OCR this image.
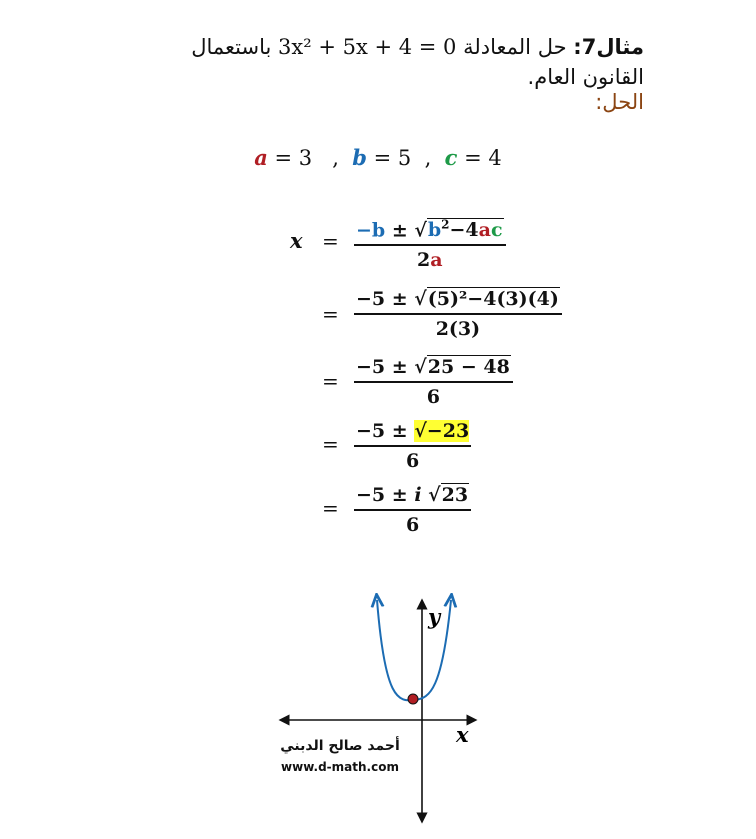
مثال7: حل المعادلة 3x² + 5x + 4 = 0 باستعمال القانون العام.
الحل:
a = 3   ,  b = 5  ,  c = 4
$x = \frac{-b \pm √b^2-4ac}{2a}$
= $\frac{\text{−5 ± √(5)²−4(3)(4)}}{2(3)}$
= $\frac{-5 \pm √25 - 48}{6}$
= $\frac{-5 \pm √-23}{6}$
= $\frac{-5 \pm i √23}{6}$
y
x
أحمد صالح الدبني
www.d-math.com
